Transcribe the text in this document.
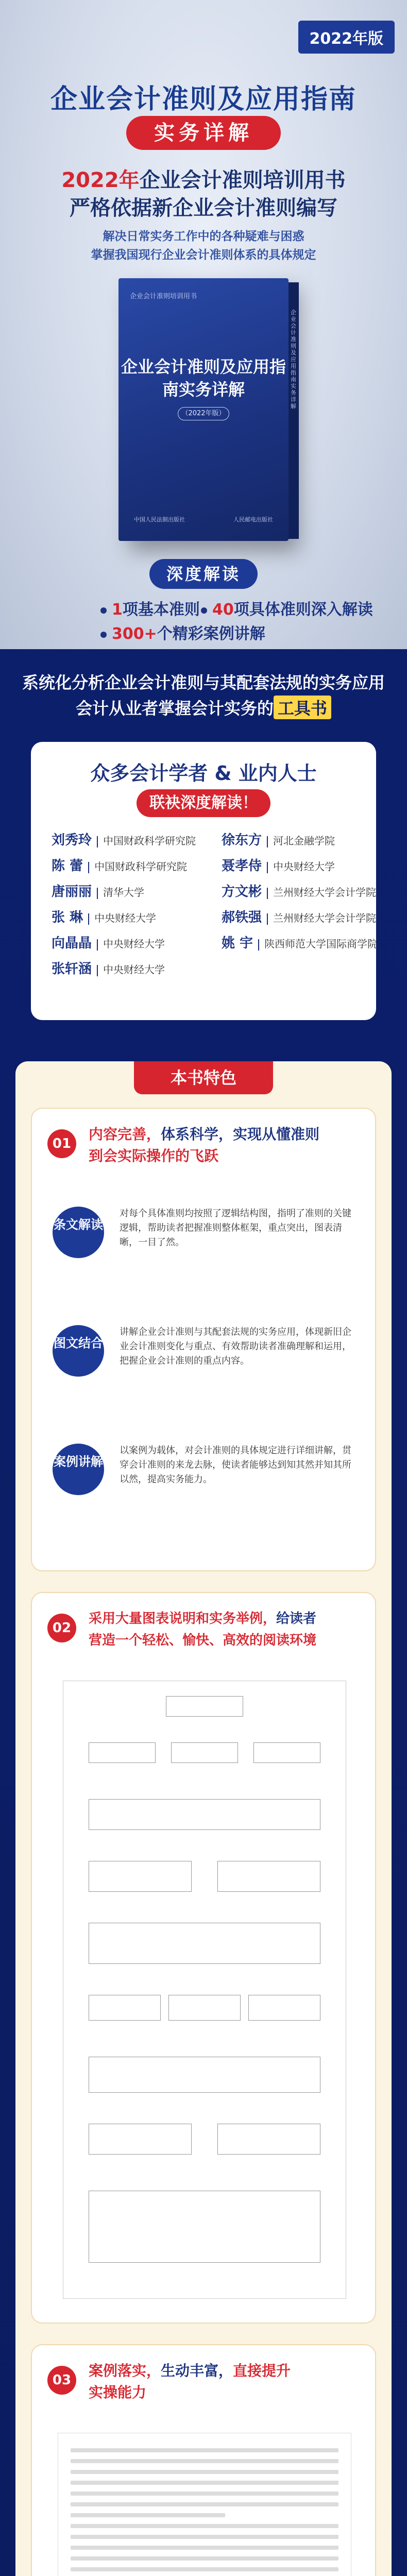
2022年版
企业会计准则及应用指南
实务详解
2022年企业会计准则培训用书
严格依据新企业会计准则编写
解决日常实务工作中的各种疑难与困惑
掌握我国现行企业会计准则体系的具体规定
企业会计准则培训用书
企业会计准则及应用指南实务详解
（2022年版）
中国人民法制出版社	人民邮电出版社
企业会计准则及应用指南实务详解
深度解读
1项基本准则 40项具体准则深入解读
300+个精彩案例讲解
系统化分析企业会计准则与其配套法规的实务应用
会计从业者掌握会计实务的 工具书
众多会计学者 & 业内人士
联袂深度解读！
刘秀玲 中国财政科学研究院 徐东方 河北金融学院
陈 蕾 中国财政科学研究院	聂孝侍 中央财经大学
唐丽丽 清华大学	方文彬 兰州财经大学会计学院
张 琳 中央财经大学	郝铁强 兰州财经大学会计学院
向晶晶 中央财经大学	姚 宇 陕西师范大学国际商学院
张轩涵 中央财经大学
本书特色
01
内容完善，体系科学，实现从懂准则
到会实际操作的飞跃
条文解读
对每个具体准则均按照了逻辑结构图，指明了准则的关键逻辑，帮助读者把握准则整体框架，重点突出，图表清晰，一目了然。
图文结合
讲解企业会计准则与其配套法规的实务应用，体现新旧企业会计准则变化与重点、有效帮助读者准确理解和运用，把握企业会计准则的重点内容。
案例讲解
以案例为载体，对会计准则的具体规定进行详细讲解，贯穿会计准则的来龙去脉，使读者能够达到知其然并知其所以然，提高实务能力。
02
采用大量图表说明和实务举例，给读者
营造一个轻松、愉快、高效的阅读环境
03
案例落实，生动丰富，直接提升
实操能力
